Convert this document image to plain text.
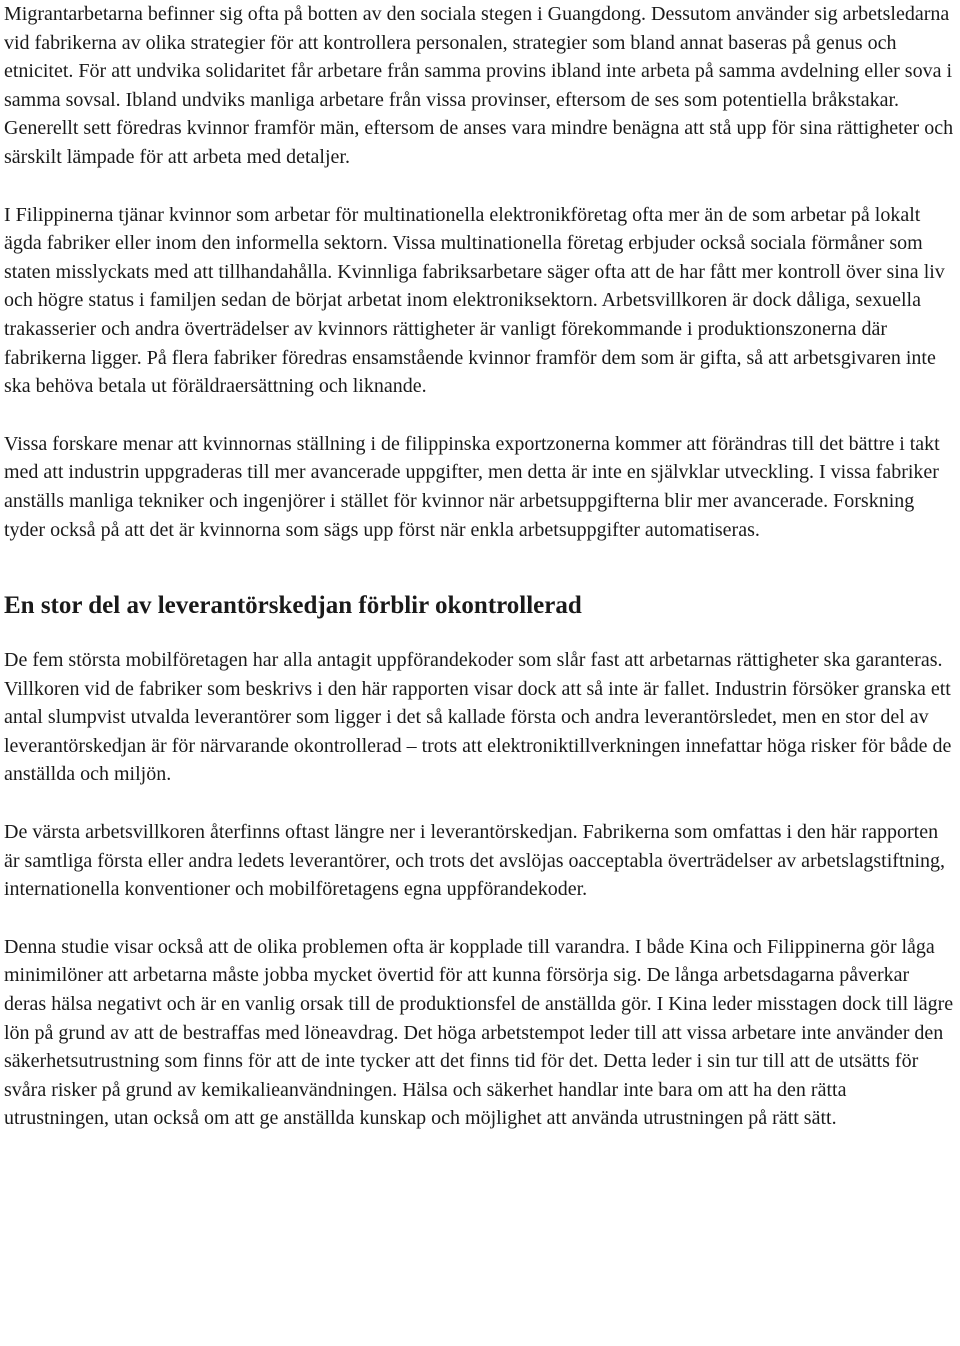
Migrantarbetarna befinner sig ofta på botten av den sociala stegen i Guangdong. Dessutom använder sig arbetsledarna vid fabrikerna av olika strategier för att kontrollera personalen, strategier som bland annat baseras på genus och etnicitet. För att undvika solidaritet får arbetare från samma provins ibland inte arbeta på samma avdelning eller sova i samma sovsal. Ibland undviks manliga arbetare från vissa provinser, eftersom de ses som potentiella bråkstakar. Generellt sett föredras kvinnor framför män, eftersom de anses vara mindre benägna att stå upp för sina rättigheter och särskilt lämpade för att arbeta med detaljer.

I Filippinerna tjänar kvinnor som arbetar för multinationella elektronikföretag ofta mer än de som arbetar på lokalt ägda fabriker eller inom den informella sektorn. Vissa multinationella företag erbjuder också sociala förmåner som staten misslyckats med att tillhandahålla. Kvinnliga fabriksarbetare säger ofta att de har fått mer kontroll över sina liv och högre status i familjen sedan de börjat arbetat inom elektroniksektorn. Arbetsvillkoren är dock dåliga, sexuella trakasserier och andra överträdelser av kvinnors rättigheter är vanligt förekommande i produktionszonerna där fabrikerna ligger. På flera fabriker föredras ensamstående kvinnor framför dem som är gifta, så att arbetsgivaren inte ska behöva betala ut föräldraersättning och liknande.

Vissa forskare menar att kvinnornas ställning i de filippinska exportzonerna kommer att förändras till det bättre i takt med att industrin uppgraderas till mer avancerade uppgifter, men detta är inte en självklar utveckling. I vissa fabriker anställs manliga tekniker och ingenjörer i stället för kvinnor när arbetsuppgifterna blir mer avancerade. Forskning tyder också på att det är kvinnorna som sägs upp först när enkla arbetsuppgifter automatiseras.

En stor del av leverantörskedjan förblir okontrollerad

De fem största mobilföretagen har alla antagit uppförandekoder som slår fast att arbetarnas rättigheter ska garanteras. Villkoren vid de fabriker som beskrivs i den här rapporten visar dock att så inte är fallet. Industrin försöker granska ett antal slumpvist utvalda leverantörer som ligger i det så kallade första och andra leverantörsledet, men en stor del av leverantörskedjan är för närvarande okontrollerad – trots att elektroniktillverkningen innefattar höga risker för både de anställda och miljön.

De värsta arbetsvillkoren återfinns oftast längre ner i leverantörskedjan. Fabrikerna som omfattas i den här rapporten är samtliga första eller andra ledets leverantörer, och trots det avslöjas oacceptabla överträdelser av arbetslagstiftning, internationella konventioner och mobilföretagens egna uppförandekoder.

Denna studie visar också att de olika problemen ofta är kopplade till varandra. I både Kina och Filippinerna gör låga minimilöner att arbetarna måste jobba mycket övertid för att kunna försörja sig. De långa arbetsdagarna påverkar deras hälsa negativt och är en vanlig orsak till de produktionsfel de anställda gör. I Kina leder misstagen dock till lägre lön på grund av att de bestraffas med löneavdrag. Det höga arbetstempot leder till att vissa arbetare inte använder den säkerhetsutrustning som finns för att de inte tycker att det finns tid för det. Detta leder i sin tur till att de utsätts för svåra risker på grund av kemikalieanvändningen. Hälsa och säkerhet handlar inte bara om att ha den rätta utrustningen, utan också om att ge anställda kunskap och möjlighet att använda utrustningen på rätt sätt.
